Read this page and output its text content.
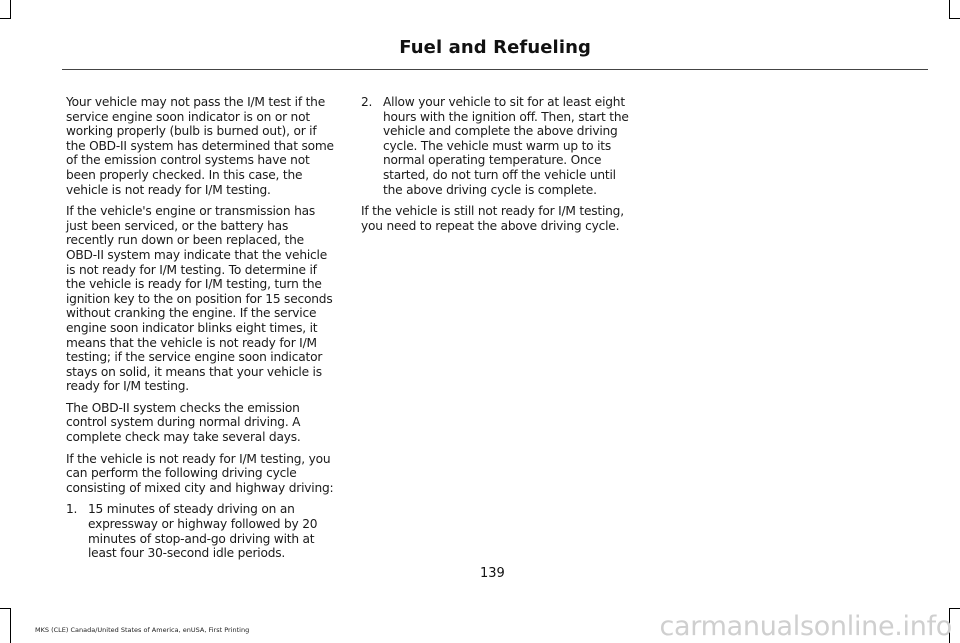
Fuel and Refueling

Your vehicle may not pass the I/M test if the service engine soon indicator is on or not working properly (bulb is burned out), or if the OBD-II system has determined that some of the emission control systems have not been properly checked. In this case, the vehicle is not ready for I/M testing.

If the vehicle's engine or transmission has just been serviced, or the battery has recently run down or been replaced, the OBD-II system may indicate that the vehicle is not ready for I/M testing. To determine if the vehicle is ready for I/M testing, turn the ignition key to the on position for 15 seconds without cranking the engine. If the service engine soon indicator blinks eight times, it means that the vehicle is not ready for I/M testing; if the service engine soon indicator stays on solid, it means that your vehicle is ready for I/M testing.

The OBD-II system checks the emission control system during normal driving. A complete check may take several days.

If the vehicle is not ready for I/M testing, you can perform the following driving cycle consisting of mixed city and highway driving:

1. 15 minutes of steady driving on an expressway or highway followed by 20 minutes of stop-and-go driving with at least four 30-second idle periods.
2. Allow your vehicle to sit for at least eight hours with the ignition off. Then, start the vehicle and complete the above driving cycle. The vehicle must warm up to its normal operating temperature. Once started, do not turn off the vehicle until the above driving cycle is complete.

If the vehicle is still not ready for I/M testing, you need to repeat the above driving cycle.

139
MKS (CLE) Canada/United States of America, enUSA, First Printing	carmanualsonline.info
